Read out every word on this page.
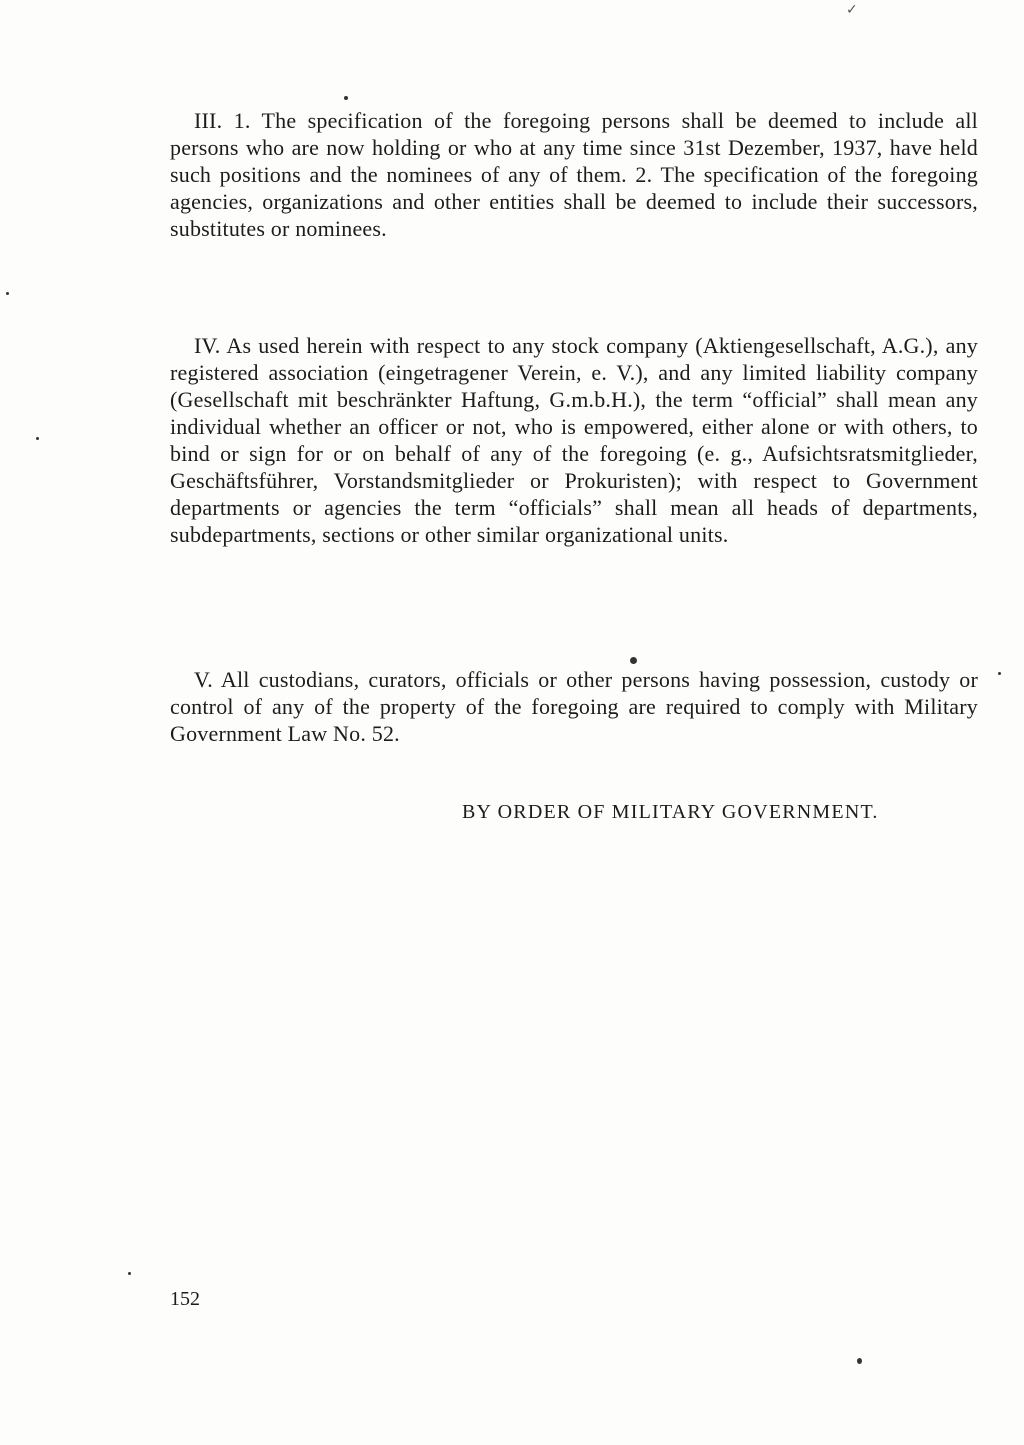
III. 1. The specification of the foregoing persons shall be deemed to include all persons who are now holding or who at any time since 31st Dezember, 1937, have held such positions and the nominees of any of them. 2. The specification of the foregoing agencies, organizations and other entities shall be deemed to include their successors, substitutes or nominees.

IV. As used herein with respect to any stock company (Aktiengesellschaft, A.G.), any registered association (eingetragener Verein, e. V.), and any limited liability company (Gesellschaft mit beschränkter Haftung, G.m.b.H.), the term “official” shall mean any individual whether an officer or not, who is empowered, either alone or with others, to bind or sign for or on behalf of any of the foregoing (e. g., Aufsichtsratsmitglieder, Geschäftsführer, Vorstandsmitglieder or Prokuristen); with respect to Government departments or agencies the term “officials” shall mean all heads of departments, subdepartments, sections or other similar organizational units.

V. All custodians, curators, officials or other persons having possession, custody or control of any of the property of the foregoing are required to comply with Military Government Law No. 52.

BY ORDER OF MILITARY GOVERNMENT.

152

✓
